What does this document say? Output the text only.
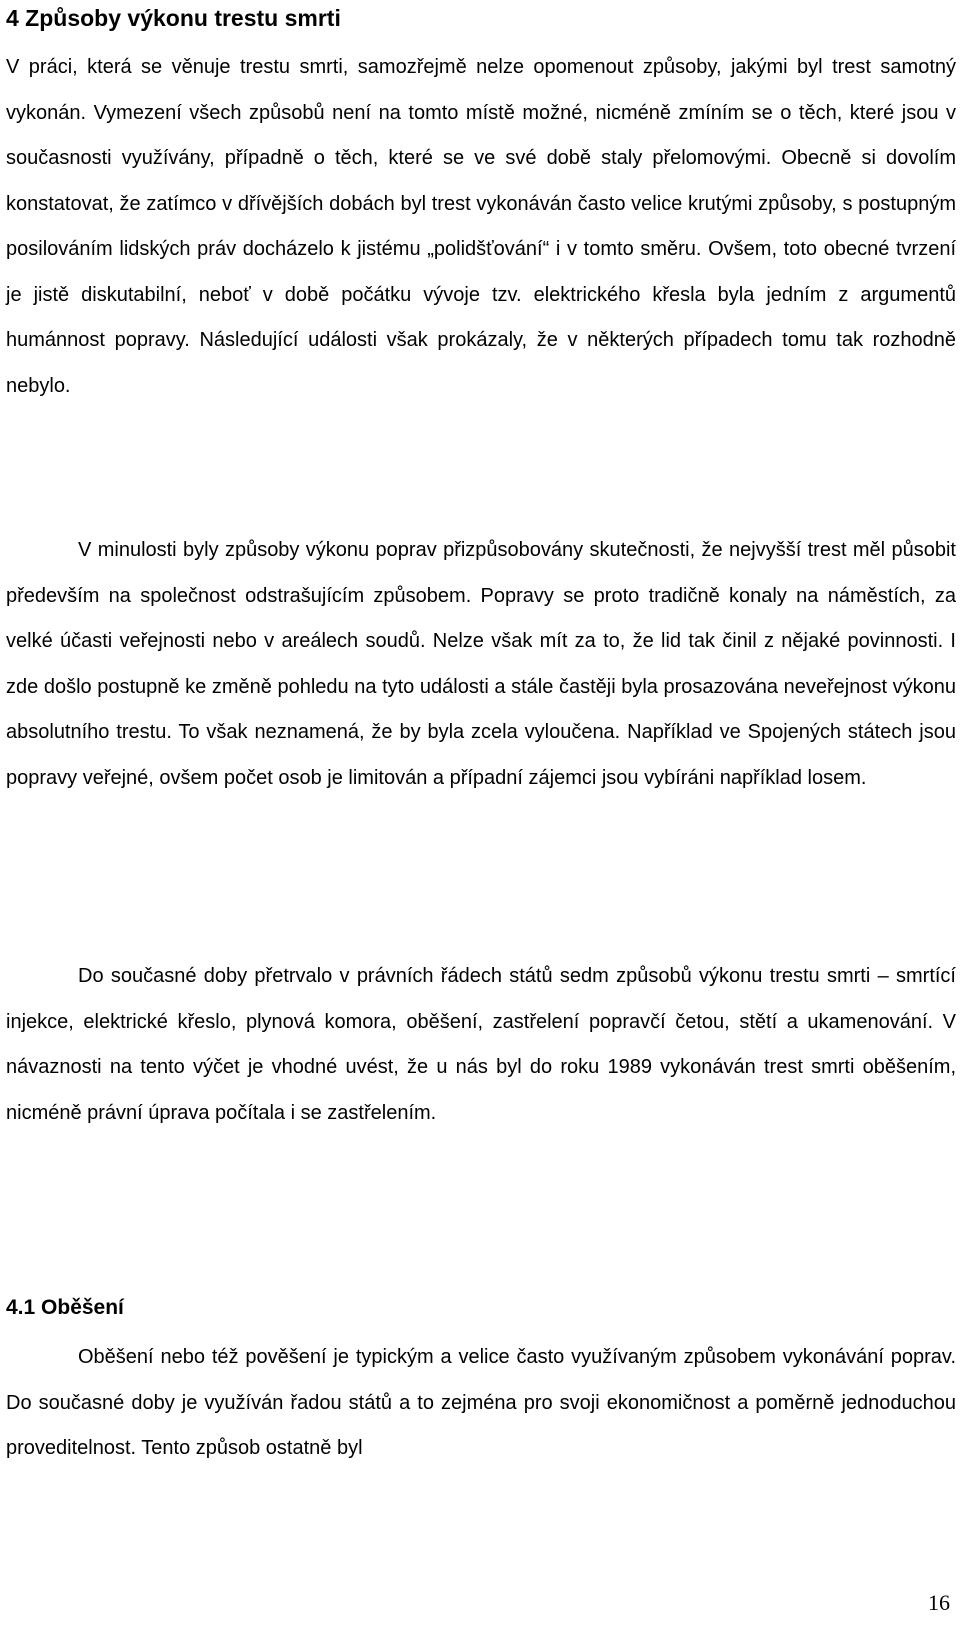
4 Způsoby výkonu trestu smrti

V práci, která se věnuje trestu smrti, samozřejmě nelze opomenout způsoby, jakými byl trest samotný vykonán. Vymezení všech způsobů není na tomto místě možné, nicméně zmíním se o těch, které jsou v současnosti využívány, případně o těch, které se ve své době staly přelomovými. Obecně si dovolím konstatovat, že zatímco v dřívějších dobách byl trest vykonáván často velice krutými způsoby, s postupným posilováním lidských práv docházelo k jistému „polidšťování“ i v tomto směru. Ovšem, toto obecné tvrzení je jistě diskutabilní, neboť v době počátku vývoje tzv. elektrického křesla byla jedním z argumentů humánnost popravy. Následující události však prokázaly, že v některých případech tomu tak rozhodně nebylo.

V minulosti byly způsoby výkonu poprav přizpůsobovány skutečnosti, že nejvyšší trest měl působit především na společnost odstrašujícím způsobem. Popravy se proto tradičně konaly na náměstích, za velké účasti veřejnosti nebo v areálech soudů. Nelze však mít za to, že lid tak činil z nějaké povinnosti. I zde došlo postupně ke změně pohledu na tyto události a stále častěji byla prosazována neveřejnost výkonu absolutního trestu. To však neznamená, že by byla zcela vyloučena. Například ve Spojených státech jsou popravy veřejné, ovšem počet osob je limitován a případní zájemci jsou vybíráni například losem.

Do současné doby přetrvalo v právních řádech států sedm způsobů výkonu trestu smrti – smrtící injekce, elektrické křeslo, plynová komora, oběšení, zastřelení popravčí četou, stětí a ukamenování. V návaznosti na tento výčet je vhodné uvést, že u nás byl do roku 1989 vykonáván trest smrti oběšením, nicméně právní úprava počítala i se zastřelením.

4.1 Oběšení

Oběšení nebo též pověšení je typickým a velice často využívaným způsobem vykonávání poprav. Do současné doby je využíván řadou států a to zejména pro svoji ekonomičnost a poměrně jednoduchou proveditelnost. Tento způsob ostatně byl

16
